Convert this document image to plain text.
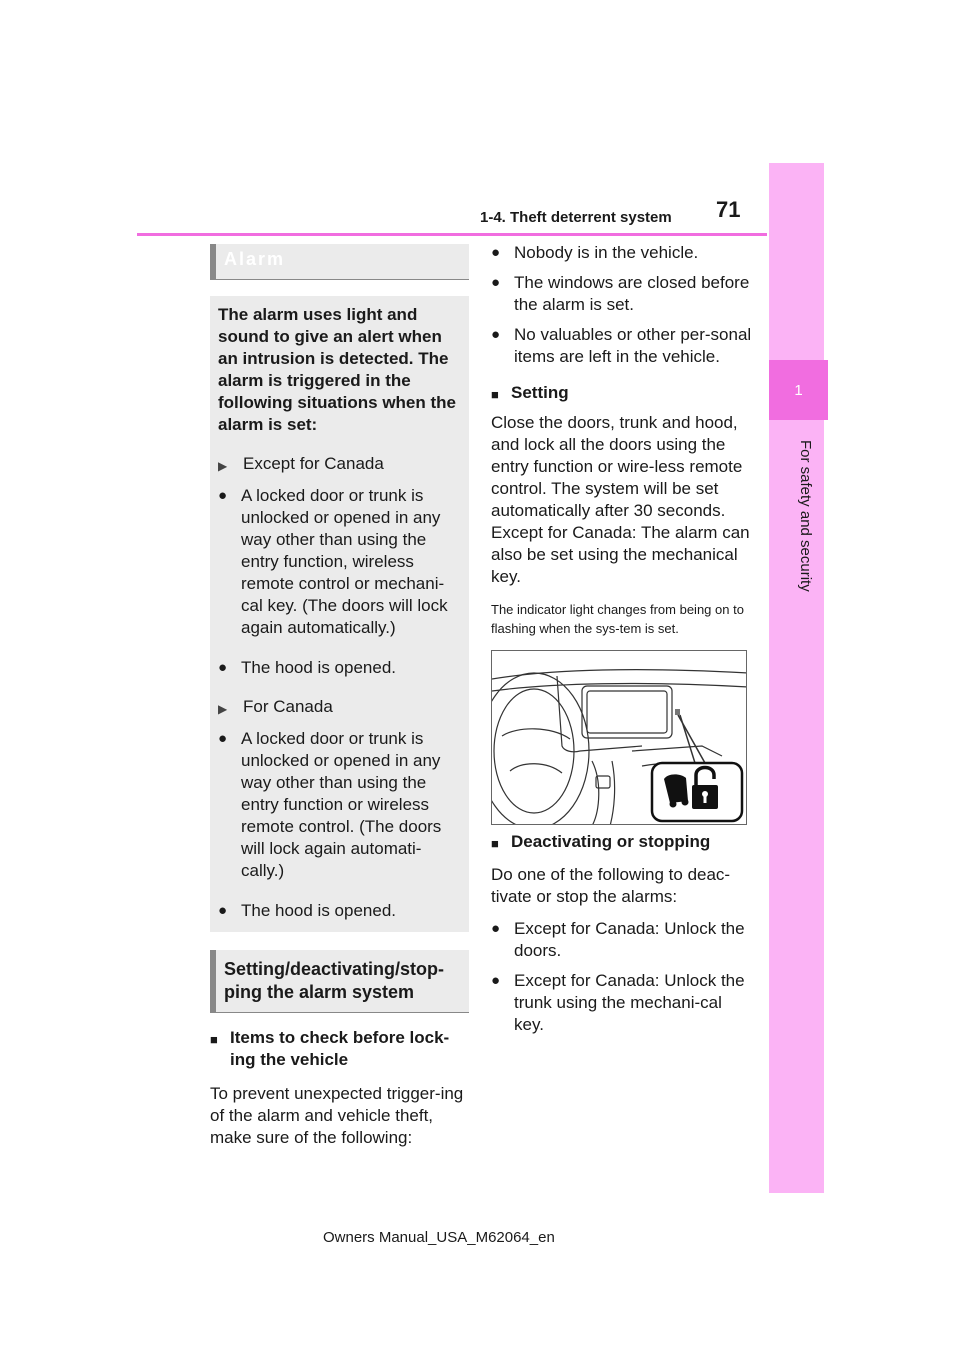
1
For safety and security
1-4. Theft deterrent system 71
Alarm
The alarm uses light and sound to give an alert when an intrusion is detected. The alarm is triggered in the following situations when the alarm is set:
▶ Except for Canada
● A locked door or trunk is unlocked or opened in any way other than using the entry function, wireless remote control or mechani-cal key. (The doors will lock again automatically.)
● The hood is opened.
▶ For Canada
● A locked door or trunk is unlocked or opened in any way other than using the entry function or wireless remote control. (The doors will lock again automati-cally.)
● The hood is opened.
Setting/deactivating/stop-ping the alarm system
■ Items to check before lock-ing the vehicle
To prevent unexpected trigger-ing of the alarm and vehicle theft, make sure of the following:
● Nobody is in the vehicle.
● The windows are closed before the alarm is set.
● No valuables or other per-sonal items are left in the vehicle.
■ Setting
Close the doors, trunk and hood, and lock all the doors using the entry function or wire-less remote control. The system will be set automatically after 30 seconds.
Except for Canada: The alarm can also be set using the mechanical key.
The indicator light changes from being on to flashing when the sys-tem is set.
■ Deactivating or stopping
Do one of the following to deac-tivate or stop the alarms:
● Except for Canada: Unlock the doors.
● Except for Canada: Unlock the trunk using the mechani-cal key.
Owners Manual_USA_M62064_en
